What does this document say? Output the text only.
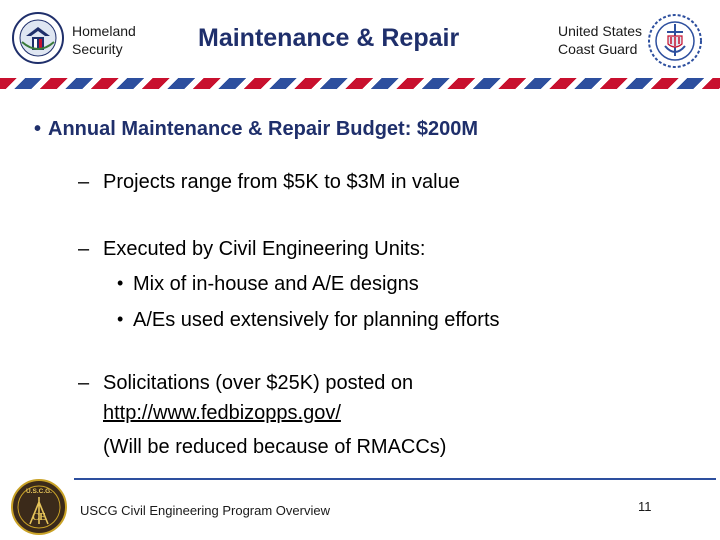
Homeland
Security	Maintenance & Repair	United States
Coast Guard
• Annual Maintenance & Repair Budget: $200M
– Projects range from $5K to $3M in value
– Executed by Civil Engineering Units:
• Mix of in-house and A/E designs
• A/Es used extensively for planning efforts
– Solicitations (over $25K) posted on
http://www.fedbizopps.gov/
(Will be reduced because of RMACCs)
U.S.C.G.
CE	USCG Civil Engineering Program Overview	11
